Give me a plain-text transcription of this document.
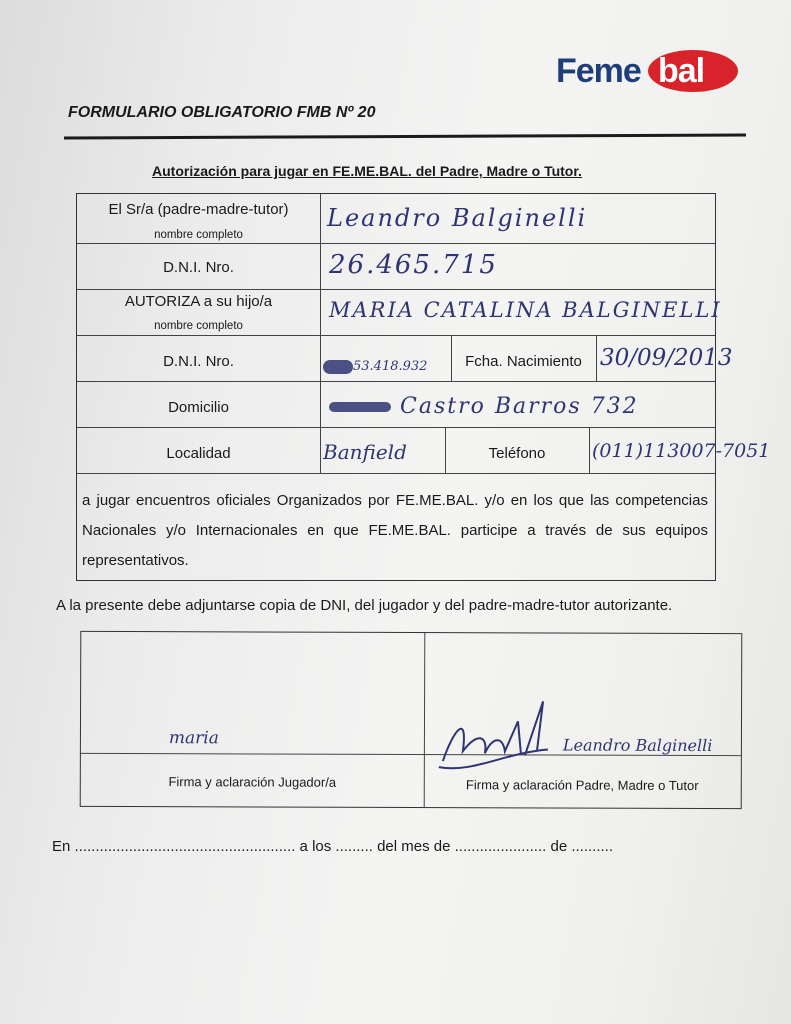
Feme bal
FORMULARIO OBLIGATORIO FMB Nº 20
Autorización para jugar en FE.ME.BAL. del Padre, Madre o Tutor.
El Sr/a (padre-madre-tutor)
nombre completo
Leandro Balginelli
D.N.I. Nro.	26.465.715
AUTORIZA a su hijo/a
nombre completo
MARIA CATALINA BALGINELLI
D.N.I. Nro.	53.418.932	Fcha. Nacimiento 30/09/2013
Domicilio	Castro Barros 732
Localidad	Banfield	Teléfono	(011)113007-7051
a jugar encuentros oficiales Organizados por FE.ME.BAL. y/o en los que las competencias Nacionales y/o Internacionales en que FE.ME.BAL. participe a través de sus equipos representativos.
A la presente debe adjuntarse copia de DNI, del jugador y del padre-madre-tutor autorizante.
maria	Leandro Balginelli
Firma y aclaración Jugador/a	Firma y aclaración Padre, Madre o Tutor
En ..................................................... a los ......... del mes de ...................... de ..........
